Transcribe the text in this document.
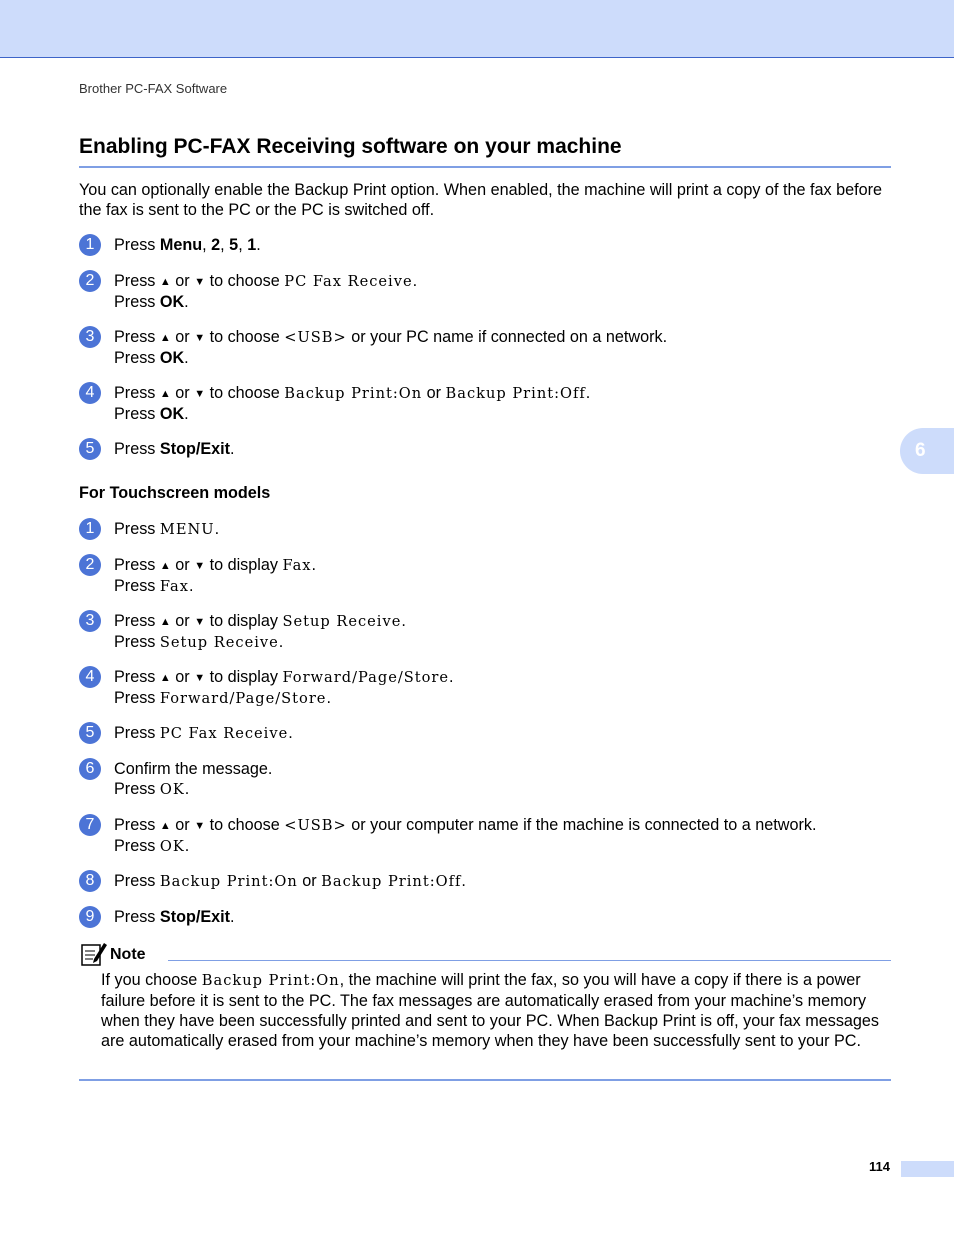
Brother PC-FAX Software
Enabling PC-FAX Receiving software on your machine

You can optionally enable the Backup Print option. When enabled, the machine will print a copy of the fax before the fax is sent to the PC or the PC is switched off.

1	Press Menu, 2, 5, 1.
2	Press ▲ or ▼ to choose PC Fax Receive.
Press OK.
3	Press ▲ or ▼ to choose <USB> or your PC name if connected on a network.
Press OK.
4	Press ▲ or ▼ to choose Backup Print:On or Backup Print:Off.
Press OK.
5	Press Stop/Exit.	6
For Touchscreen models
1	Press MENU.
2	Press ▲ or ▼ to display Fax.
Press Fax.
3	Press ▲ or ▼ to display Setup Receive.
Press Setup Receive.
4	Press ▲ or ▼ to display Forward/Page/Store.
Press Forward/Page/Store.
5	Press PC Fax Receive.
6	Confirm the message.
Press OK.
7	Press ▲ or ▼ to choose <USB> or your computer name if the machine is connected to a network.
Press OK.
8	Press Backup Print:On or Backup Print:Off.
9	Press Stop/Exit.
Note

If you choose Backup Print:On, the machine will print the fax, so you will have a copy if there is a power failure before it is sent to the PC. The fax messages are automatically erased from your machine’s memory when they have been successfully printed and sent to your PC. When Backup Print is off, your fax messages are automatically erased from your machine’s memory when they have been successfully sent to your PC.

114
